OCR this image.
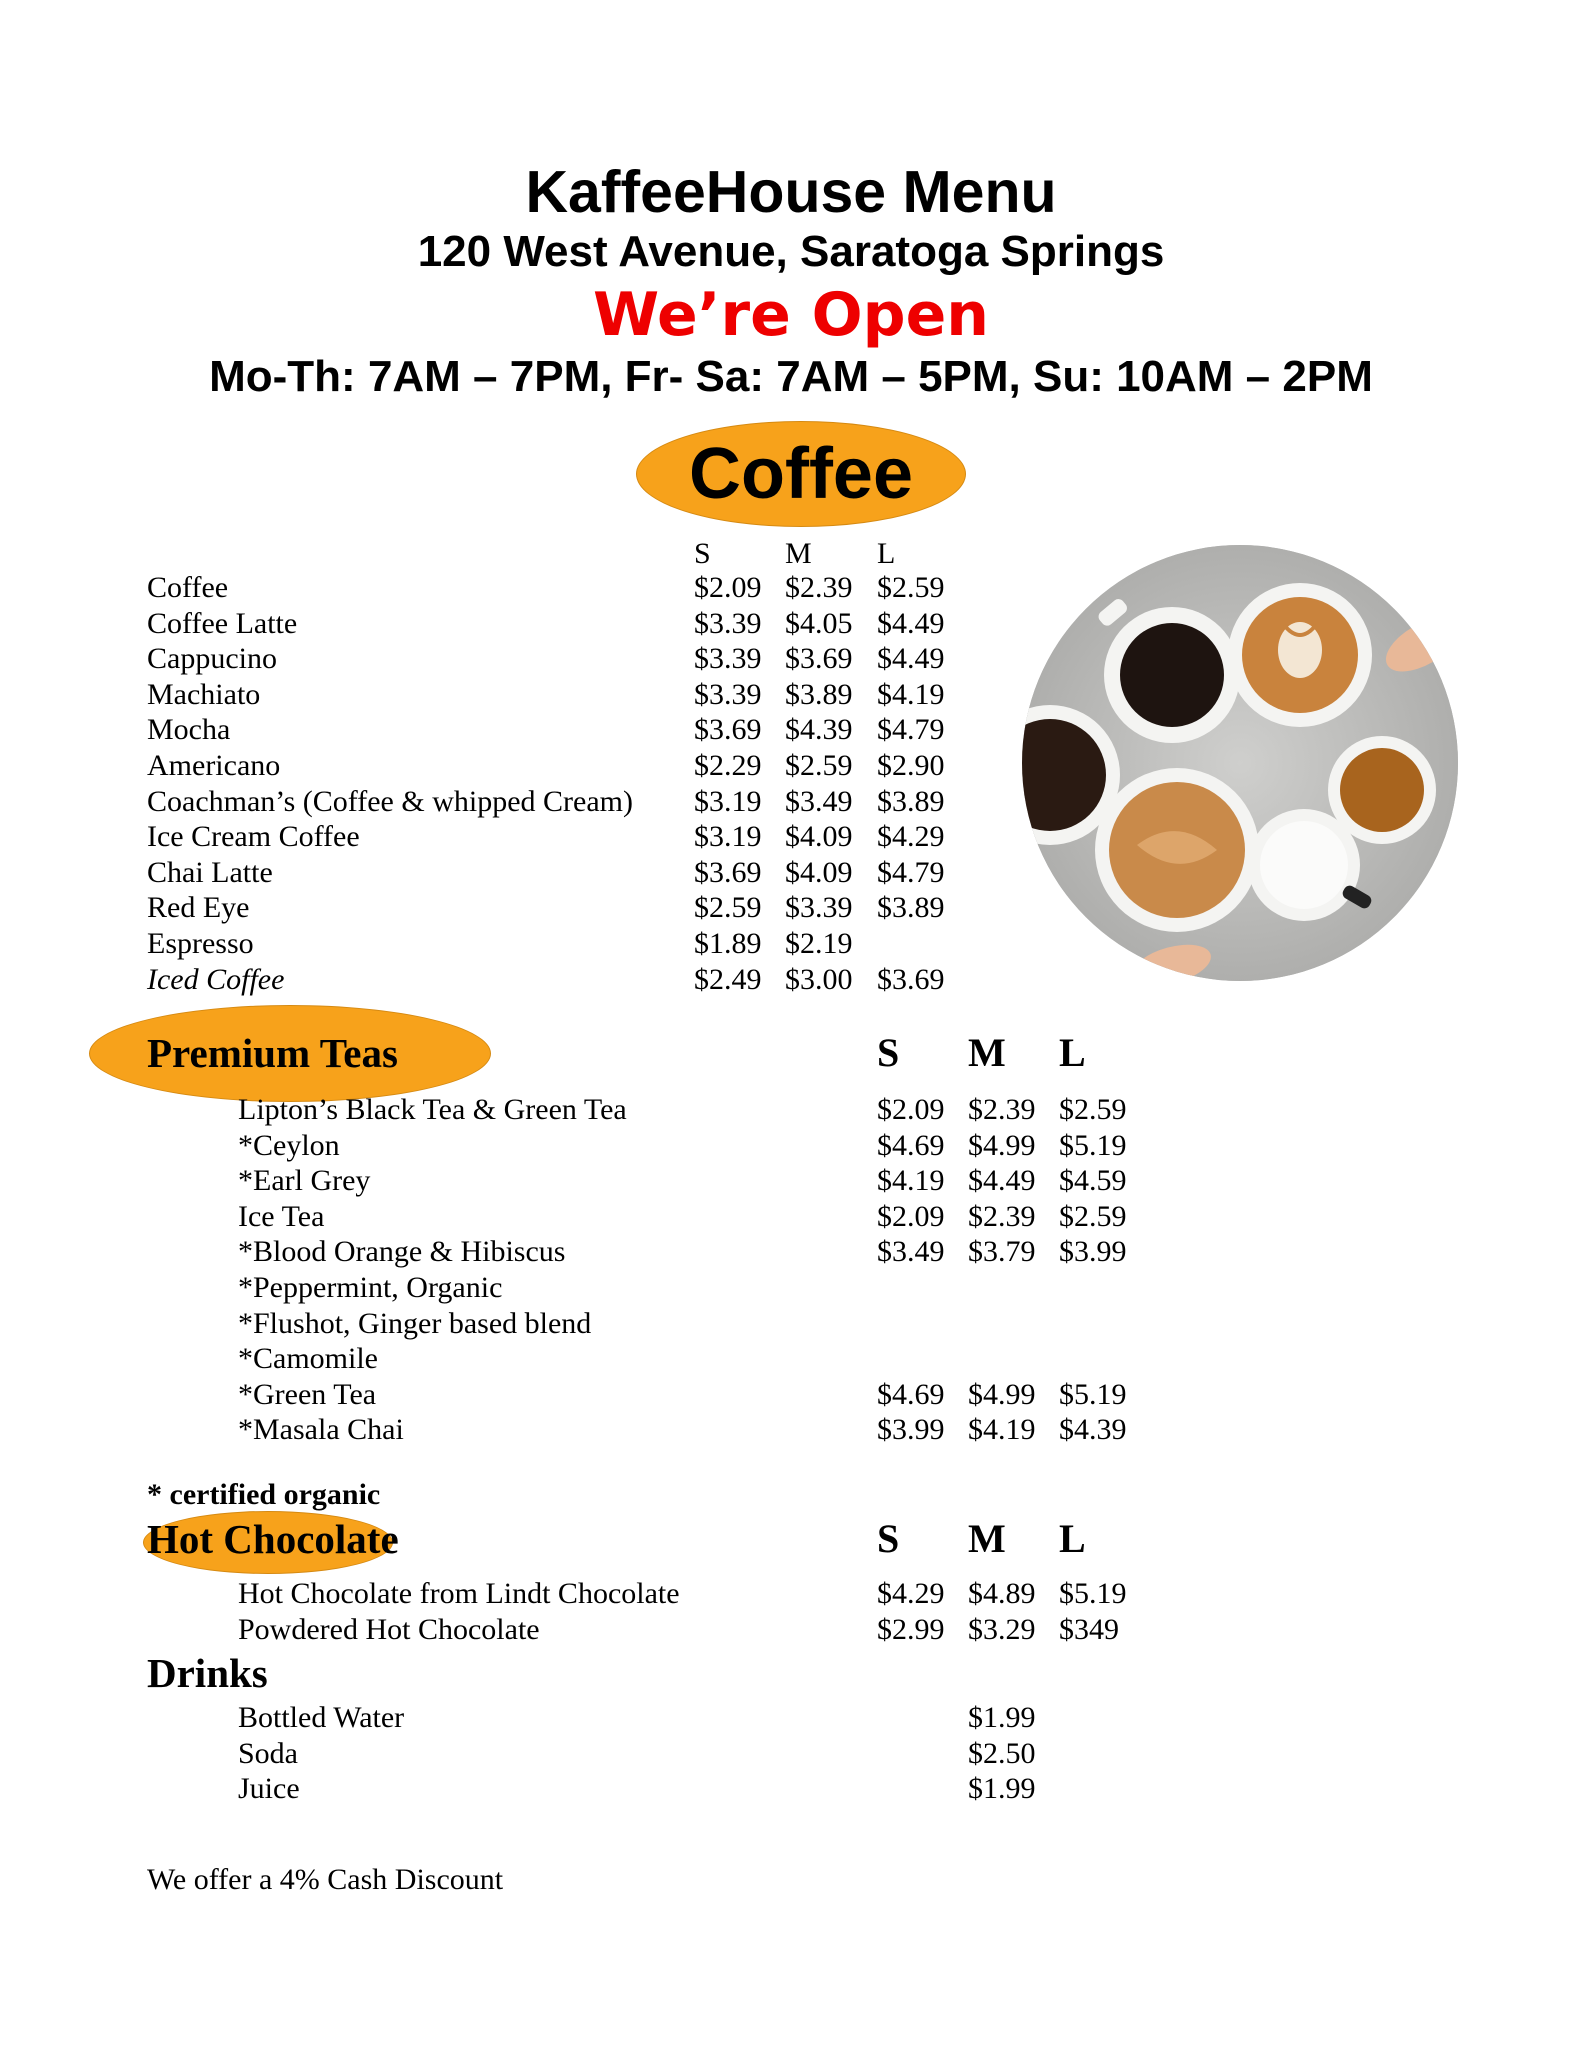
KaffeeHouse Menu
120 West Avenue, Saratoga Springs
We’re Open
Mo-Th: 7AM – 7PM, Fr- Sa: 7AM – 5PM, Su: 10AM – 2PM
Coffee
S M L
Coffee	$2.09 $2.39 $2.59
Coffee Latte	$3.39 $4.05 $4.49
Cappucino	$3.39 $3.69 $4.49
Machiato	$3.39 $3.89 $4.19
Mocha	$3.69 $4.39 $4.79
Americano	$2.29 $2.59 $2.90
Coachman’s (Coffee & whipped Cream) $3.19 $3.49 $3.89
Ice Cream Coffee	$3.19 $4.09 $4.29
Chai Latte	$3.69 $4.09 $4.79
Red Eye	$2.59 $3.39 $3.89
Espresso	$1.89 $2.19
Iced Coffee	$2.49 $3.00 $3.69
Premium Teas	S M L
Lipton’s Black Tea & Green Tea	$2.09 $2.39 $2.59
*Ceylon	$4.69 $4.99 $5.19
*Earl Grey	$4.19 $4.49 $4.59
Ice Tea	$2.09 $2.39 $2.59
*Blood Orange & Hibiscus	$3.49 $3.79 $3.99
*Peppermint, Organic
*Flushot, Ginger based blend
*Camomile
*Green Tea	$4.69 $4.99 $5.19
*Masala Chai	$3.99 $4.19 $4.39
* certified organic
Hot Chocolate	S M L
Hot Chocolate from Lindt Chocolate	$4.29 $4.89 $5.19
Powdered Hot Chocolate	$2.99 $3.29 $349
Drinks
Bottled Water	$1.99
Soda	$2.50
Juice	$1.99
We offer a 4% Cash Discount
